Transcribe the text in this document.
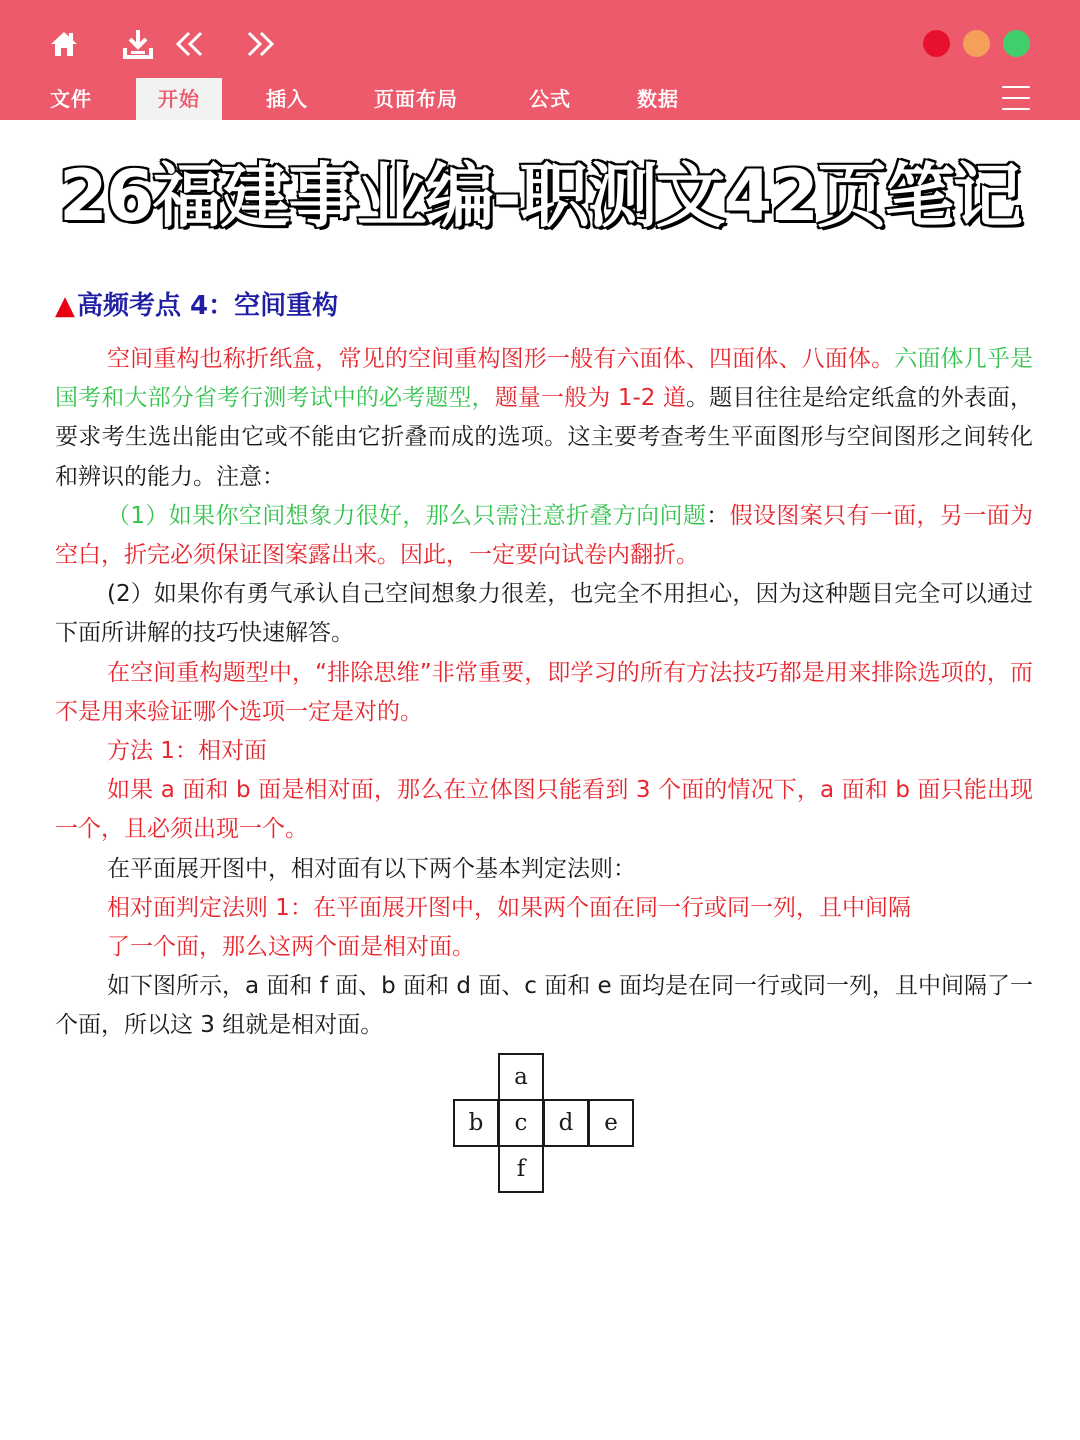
文件	开始	插入	页面布局	公式	数据
26福建事业编-职测文42页笔记
▲高频考点 4：空间重构

空间重构也称折纸盒，常见的空间重构图形一般有六面体、四面体、八面体。六面体几乎是国考和大部分省考行测考试中的必考题型，题量一般为 1-2 道。题目往往是给定纸盒的外表面，要求考生选出能由它或不能由它折叠而成的选项。这主要考查考生平面图形与空间图形之间转化和辨识的能力。注意：

（1）如果你空间想象力很好，那么只需注意折叠方向问题：假设图案只有一面，另一面为空白，折完必须保证图案露出来。因此，一定要向试卷内翻折。

(2）如果你有勇气承认自己空间想象力很差，也完全不用担心，因为这种题目完全可以通过下面所讲解的技巧快速解答。

在空间重构题型中，“排除思维”非常重要，即学习的所有方法技巧都是用来排除选项的，而不是用来验证哪个选项一定是对的。

方法 1：相对面

如果 a 面和 b 面是相对面，那么在立体图只能看到 3 个面的情况下，a 面和 b 面只能出现一个，且必须出现一个。

在平面展开图中，相对面有以下两个基本判定法则：

相对面判定法则 1：在平面展开图中，如果两个面在同一行或同一列，且中间隔

了一个面，那么这两个面是相对面。

如下图所示，a 面和 f 面、b 面和 d 面、c 面和 e 面均是在同一行或同一列，且中间隔了一个面，所以这 3 组就是相对面。

a
b	c	d	e
f
